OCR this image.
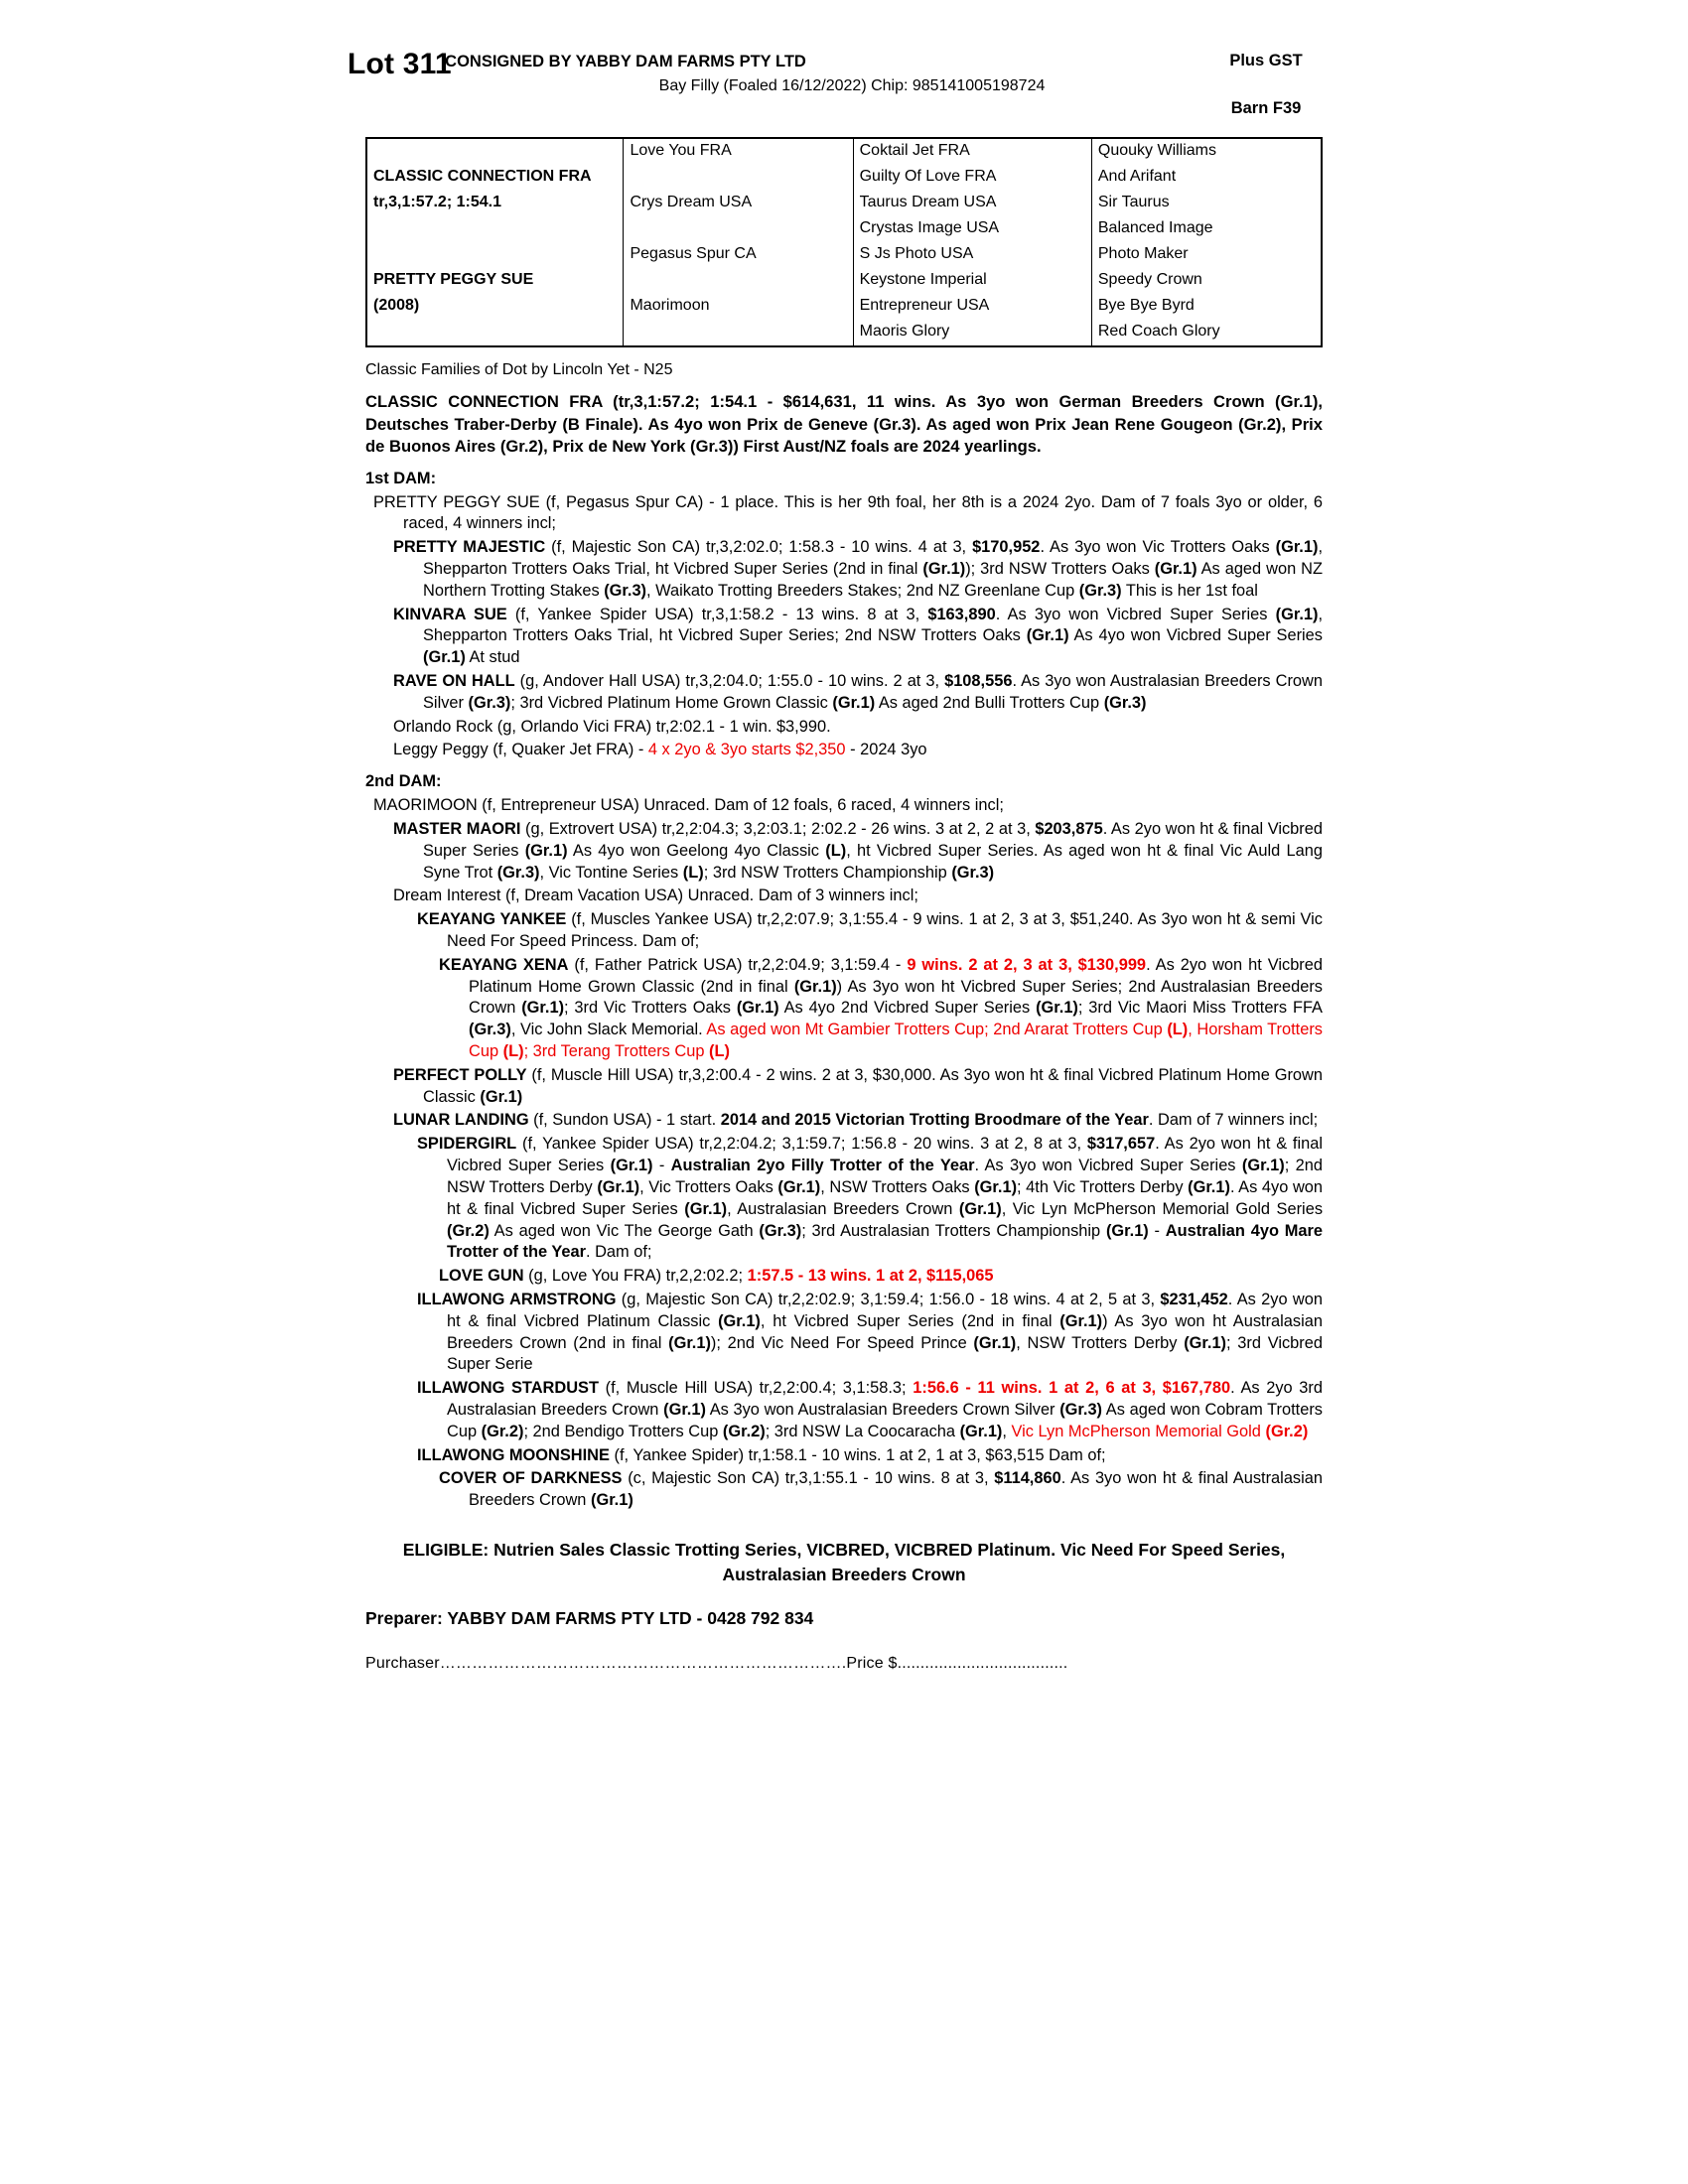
Lot 311
CONSIGNED BY YABBY DAM FARMS PTY LTD
Bay Filly (Foaled 16/12/2022) Chip: 985141005198724
Plus GST
Barn F39
	Love You FRA	Coktail Jet FRA	Quouky Williams
CLASSIC CONNECTION FRA		Guilty Of Love FRA	And Arifant
tr,3,1:57.2; 1:54.1	Crys Dream USA	Taurus Dream USA	Sir Taurus
		Crystas Image USA	Balanced Image
	Pegasus Spur CA	S Js Photo USA	Photo Maker
PRETTY PEGGY SUE		Keystone Imperial	Speedy Crown
(2008)	Maorimoon	Entrepreneur USA	Bye Bye Byrd
		Maoris Glory	Red Coach Glory
Classic Families of Dot by Lincoln Yet - N25
CLASSIC CONNECTION FRA (tr,3,1:57.2; 1:54.1 - $614,631, 11 wins. As 3yo won German Breeders Crown (Gr.1), Deutsches Traber-Derby (B Finale). As 4yo won Prix de Geneve (Gr.3). As aged won Prix Jean Rene Gougeon (Gr.2), Prix de Buonos Aires (Gr.2), Prix de New York (Gr.3)) First Aust/NZ foals are 2024 yearlings.
1st DAM:
PRETTY PEGGY SUE (f, Pegasus Spur CA) - 1 place. This is her 9th foal, her 8th is a 2024 2yo. Dam of 7 foals 3yo or older, 6 raced, 4 winners incl;
PRETTY MAJESTIC (f, Majestic Son CA) tr,3,2:02.0; 1:58.3 - 10 wins. 4 at 3, $170,952. As 3yo won Vic Trotters Oaks (Gr.1), Shepparton Trotters Oaks Trial, ht Vicbred Super Series (2nd in final (Gr.1)); 3rd NSW Trotters Oaks (Gr.1) As aged won NZ Northern Trotting Stakes (Gr.3), Waikato Trotting Breeders Stakes; 2nd NZ Greenlane Cup (Gr.3) This is her 1st foal
KINVARA SUE (f, Yankee Spider USA) tr,3,1:58.2 - 13 wins. 8 at 3, $163,890. As 3yo won Vicbred Super Series (Gr.1), Shepparton Trotters Oaks Trial, ht Vicbred Super Series; 2nd NSW Trotters Oaks (Gr.1) As 4yo won Vicbred Super Series (Gr.1) At stud
RAVE ON HALL (g, Andover Hall USA) tr,3,2:04.0; 1:55.0 - 10 wins. 2 at 3, $108,556. As 3yo won Australasian Breeders Crown Silver (Gr.3); 3rd Vicbred Platinum Home Grown Classic (Gr.1) As aged 2nd Bulli Trotters Cup (Gr.3)
Orlando Rock (g, Orlando Vici FRA) tr,2:02.1 - 1 win. $3,990.
Leggy Peggy (f, Quaker Jet FRA) - 4 x 2yo & 3yo starts $2,350 - 2024 3yo
2nd DAM:
MAORIMOON (f, Entrepreneur USA) Unraced. Dam of 12 foals, 6 raced, 4 winners incl;
MASTER MAORI (g, Extrovert USA) tr,2,2:04.3; 3,2:03.1; 2:02.2 - 26 wins. 3 at 2, 2 at 3, $203,875. As 2yo won ht & final Vicbred Super Series (Gr.1) As 4yo won Geelong 4yo Classic (L), ht Vicbred Super Series. As aged won ht & final Vic Auld Lang Syne Trot (Gr.3), Vic Tontine Series (L); 3rd NSW Trotters Championship (Gr.3)
Dream Interest (f, Dream Vacation USA) Unraced. Dam of 3 winners incl;
KEAYANG YANKEE (f, Muscles Yankee USA) tr,2,2:07.9; 3,1:55.4 - 9 wins. 1 at 2, 3 at 3, $51,240. As 3yo won ht & semi Vic Need For Speed Princess. Dam of;
KEAYANG XENA (f, Father Patrick USA) tr,2,2:04.9; 3,1:59.4 - 9 wins. 2 at 2, 3 at 3, $130,999. As 2yo won ht Vicbred Platinum Home Grown Classic (2nd in final (Gr.1)) As 3yo won ht Vicbred Super Series; 2nd Australasian Breeders Crown (Gr.1); 3rd Vic Trotters Oaks (Gr.1) As 4yo 2nd Vicbred Super Series (Gr.1); 3rd Vic Maori Miss Trotters FFA (Gr.3), Vic John Slack Memorial. As aged won Mt Gambier Trotters Cup; 2nd Ararat Trotters Cup (L), Horsham Trotters Cup (L); 3rd Terang Trotters Cup (L)
PERFECT POLLY (f, Muscle Hill USA) tr,3,2:00.4 - 2 wins. 2 at 3, $30,000. As 3yo won ht & final Vicbred Platinum Home Grown Classic (Gr.1)
LUNAR LANDING (f, Sundon USA) - 1 start. 2014 and 2015 Victorian Trotting Broodmare of the Year. Dam of 7 winners incl;
SPIDERGIRL (f, Yankee Spider USA) tr,2,2:04.2; 3,1:59.7; 1:56.8 - 20 wins. 3 at 2, 8 at 3, $317,657. As 2yo won ht & final Vicbred Super Series (Gr.1) - Australian 2yo Filly Trotter of the Year. As 3yo won Vicbred Super Series (Gr.1); 2nd NSW Trotters Derby (Gr.1), Vic Trotters Oaks (Gr.1), NSW Trotters Oaks (Gr.1); 4th Vic Trotters Derby (Gr.1). As 4yo won ht & final Vicbred Super Series (Gr.1), Australasian Breeders Crown (Gr.1), Vic Lyn McPherson Memorial Gold Series (Gr.2) As aged won Vic The George Gath (Gr.3); 3rd Australasian Trotters Championship (Gr.1) - Australian 4yo Mare Trotter of the Year. Dam of;
LOVE GUN (g, Love You FRA) tr,2,2:02.2; 1:57.5 - 13 wins. 1 at 2, $115,065
ILLAWONG ARMSTRONG (g, Majestic Son CA) tr,2,2:02.9; 3,1:59.4; 1:56.0 - 18 wins. 4 at 2, 5 at 3, $231,452. As 2yo won ht & final Vicbred Platinum Classic (Gr.1), ht Vicbred Super Series (2nd in final (Gr.1)) As 3yo won ht Australasian Breeders Crown (2nd in final (Gr.1)); 2nd Vic Need For Speed Prince (Gr.1), NSW Trotters Derby (Gr.1); 3rd Vicbred Super Serie
ILLAWONG STARDUST (f, Muscle Hill USA) tr,2,2:00.4; 3,1:58.3; 1:56.6 - 11 wins. 1 at 2, 6 at 3, $167,780. As 2yo 3rd Australasian Breeders Crown (Gr.1) As 3yo won Australasian Breeders Crown Silver (Gr.3) As aged won Cobram Trotters Cup (Gr.2); 2nd Bendigo Trotters Cup (Gr.2); 3rd NSW La Coocaracha (Gr.1), Vic Lyn McPherson Memorial Gold (Gr.2)
ILLAWONG MOONSHINE (f, Yankee Spider) tr,1:58.1 - 10 wins. 1 at 2, 1 at 3, $63,515 Dam of;
COVER OF DARKNESS (c, Majestic Son CA) tr,3,1:55.1 - 10 wins. 8 at 3, $114,860. As 3yo won ht & final Australasian Breeders Crown (Gr.1)
ELIGIBLE: Nutrien Sales Classic Trotting Series, VICBRED, VICBRED Platinum. Vic Need For Speed Series, Australasian Breeders Crown
Preparer: YABBY DAM FARMS PTY LTD - 0428 792 834
Purchaser………………………………………………………………….Price $.....................................
